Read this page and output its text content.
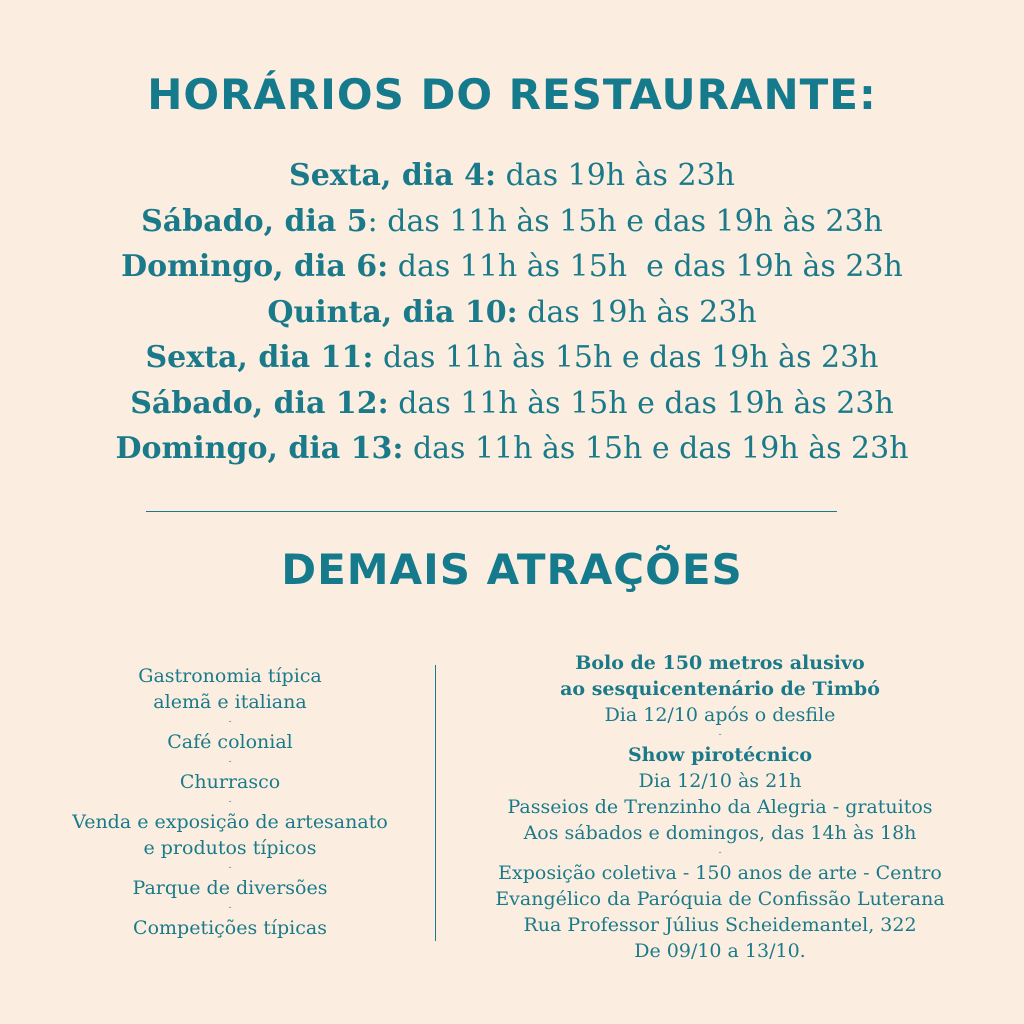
HORÁRIOS DO RESTAURANTE:
Sexta, dia 4: das 19h às 23h
Sábado, dia 5: das 11h às 15h e das 19h às 23h
Domingo, dia 6: das 11h às 15h  e das 19h às 23h
Quinta, dia 10: das 19h às 23h
Sexta, dia 11: das 11h às 15h e das 19h às 23h
Sábado, dia 12: das 11h às 15h e das 19h às 23h
Domingo, dia 13: das 11h às 15h e das 19h às 23h
DEMAIS ATRAÇÕES
Gastronomia típica
alemã e italiana
-
Café colonial
-
Churrasco
-
Venda e exposição de artesanato
e produtos típicos
-
Parque de diversões
-
Competições típicas
Bolo de 150 metros alusivo
ao sesquicentenário de Timbó
Dia 12/10 após o desfile
-
Show pirotécnico
Dia 12/10 às 21h
Passeios de Trenzinho da Alegria - gratuitos
Aos sábados e domingos, das 14h às 18h
-
Exposição coletiva - 150 anos de arte - Centro
Evangélico da Paróquia de Confissão Luterana
Rua Professor Július Scheidemantel, 322
De 09/10 a 13/10.
